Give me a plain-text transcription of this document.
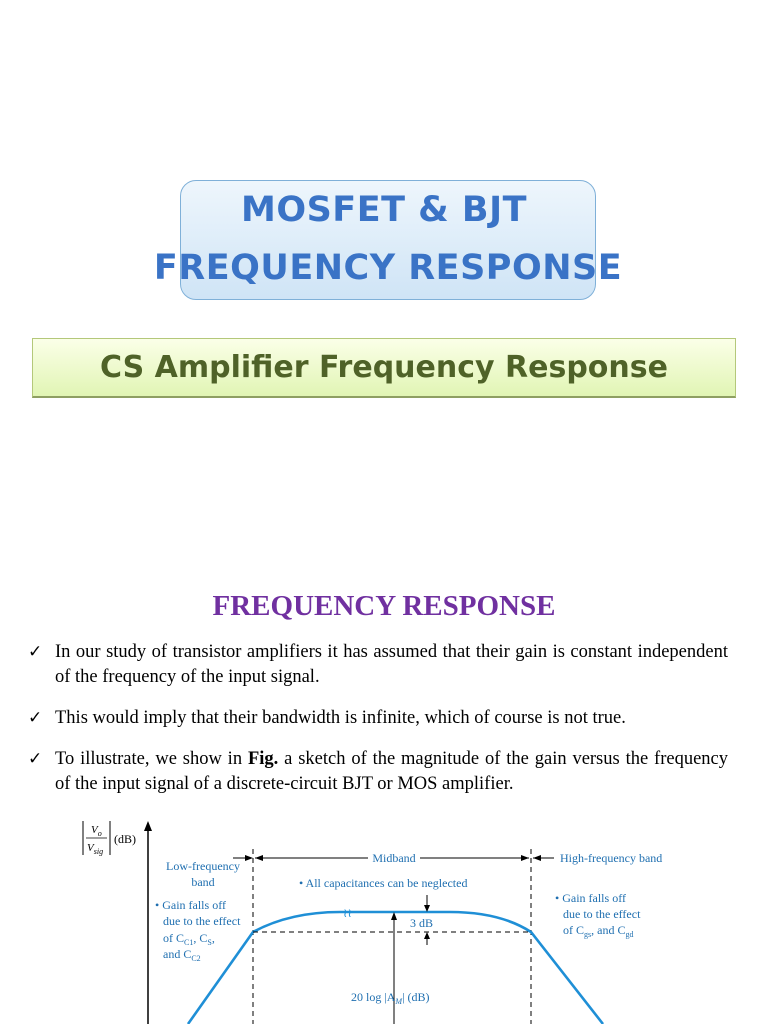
MOSFET & BJT
FREQUENCY RESPONSE
CS Amplifier Frequency Response
FREQUENCY RESPONSE
✓ In our study of transistor amplifiers it has assumed that their gain is constant independent of the frequency of the input signal.
✓ This would imply that their bandwidth is infinite, which of course is not true.
✓ To illustrate, we show in Fig. a sketch of the magnitude of the gain versus the frequency of the input signal of a discrete-circuit BJT or MOS amplifier.
$V_o$
$V_{sig}$
(dB)
Low-frequency
band
Midband	High-frequency band
• All capacitances can be neglected
• Gain falls off
due to the effect
of $C_{C1}$, $C_S$,
and $C_{C2}$
• Gain falls off
due to the effect
of $C_{gs}$, and $C_{gd}$
≀≀
3 dB
20 $\log |A_M|$ (dB)
